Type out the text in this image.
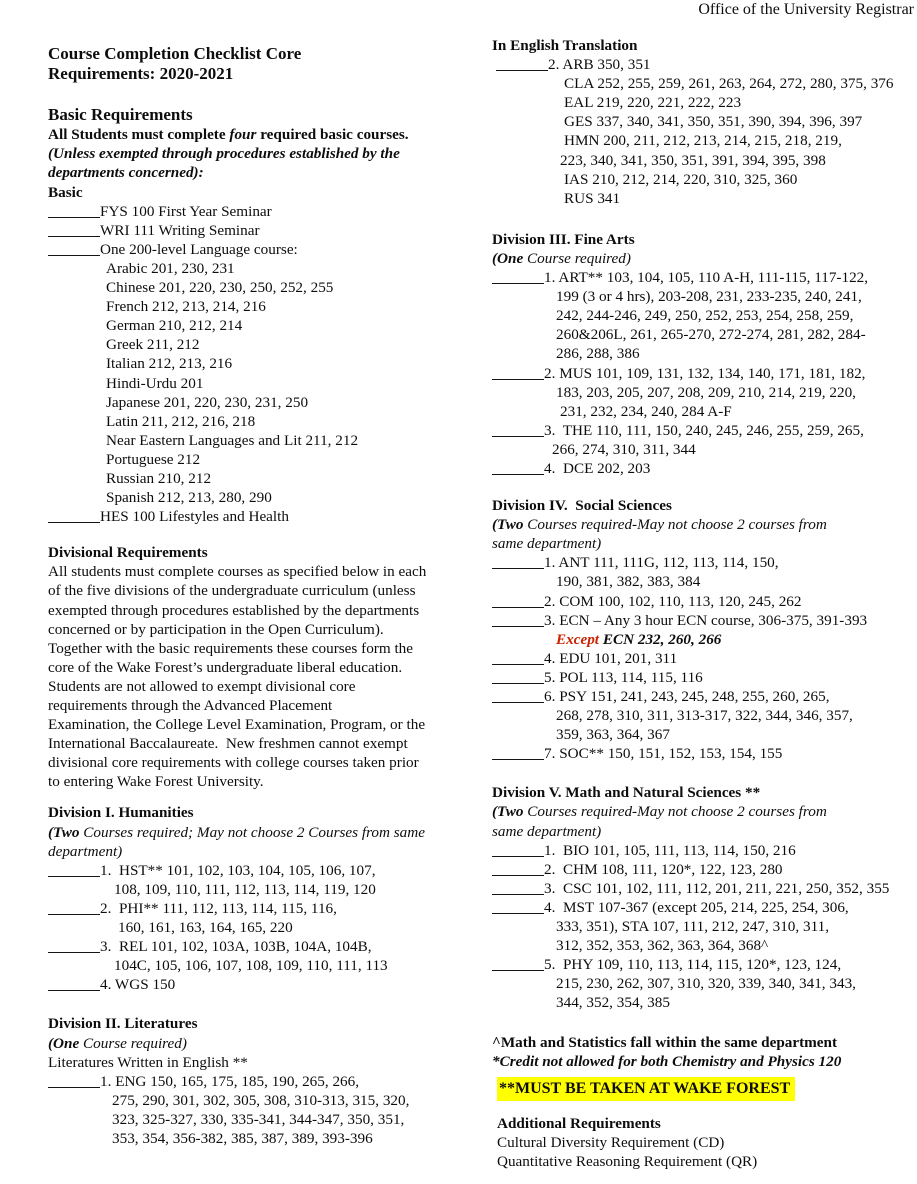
Office of the University Registrar
Course Completion Checklist Core
Requirements: 2020-2021
Basic Requirements
All Students must complete four required basic courses.
(Unless exempted through procedures established by the
departments concerned):
Basic
FYS 100 First Year Seminar
WRI 111 Writing Seminar
One 200-level Language course:
Arabic 201, 230, 231
Chinese 201, 220, 230, 250, 252, 255
French 212, 213, 214, 216
German 210, 212, 214
Greek 211, 212
Italian 212, 213, 216
Hindi-Urdu 201
Japanese 201, 220, 230, 231, 250
Latin 211, 212, 216, 218
Near Eastern Languages and Lit 211, 212
Portuguese 212
Russian 210, 212
Spanish 212, 213, 280, 290
HES 100 Lifestyles and Health
Divisional Requirements
All students must complete courses as specified below in each
of the five divisions of the undergraduate curriculum (unless
exempted through procedures established by the departments
concerned or by participation in the Open Curriculum).
Together with the basic requirements these courses form the
core of the Wake Forest’s undergraduate liberal education.
Students are not allowed to exempt divisional core
requirements through the Advanced Placement
Examination, the College Level Examination, Program, or the
International Baccalaureate.  New freshmen cannot exempt
divisional core requirements with college courses taken prior
to entering Wake Forest University.
Division I. Humanities
(Two Courses required; May not choose 2 Courses from same
department)
1.  HST** 101, 102, 103, 104, 105, 106, 107,
108, 109, 110, 111, 112, 113, 114, 119, 120
2.  PHI** 111, 112, 113, 114, 115, 116,
160, 161, 163, 164, 165, 220
3.  REL 101, 102, 103A, 103B, 104A, 104B,
104C, 105, 106, 107, 108, 109, 110, 111, 113
4. WGS 150
Division II. Literatures
(One Course required)
Literatures Written in English **
1. ENG 150, 165, 175, 185, 190, 265, 266,
275, 290, 301, 302, 305, 308, 310-313, 315, 320,
323, 325-327, 330, 335-341, 344-347, 350, 351,
353, 354, 356-382, 385, 387, 389, 393-396
In English Translation
2. ARB 350, 351
CLA 252, 255, 259, 261, 263, 264, 272, 280, 375, 376
EAL 219, 220, 221, 222, 223
GES 337, 340, 341, 350, 351, 390, 394, 396, 397
HMN 200, 211, 212, 213, 214, 215, 218, 219,
223, 340, 341, 350, 351, 391, 394, 395, 398
IAS 210, 212, 214, 220, 310, 325, 360
RUS 341
Division III. Fine Arts
(One Course required)
1. ART** 103, 104, 105, 110 A-H, 111-115, 117-122,
199 (3 or 4 hrs), 203-208, 231, 233-235, 240, 241,
242, 244-246, 249, 250, 252, 253, 254, 258, 259,
260&206L, 261, 265-270, 272-274, 281, 282, 284-
286, 288, 386
2. MUS 101, 109, 131, 132, 134, 140, 171, 181, 182,
183, 203, 205, 207, 208, 209, 210, 214, 219, 220,
231, 232, 234, 240, 284 A-F
3.  THE 110, 111, 150, 240, 245, 246, 255, 259, 265,
266, 274, 310, 311, 344
4.  DCE 202, 203
Division IV.  Social Sciences
(Two Courses required-May not choose 2 courses from
same department)
1. ANT 111, 111G, 112, 113, 114, 150,
190, 381, 382, 383, 384
2. COM 100, 102, 110, 113, 120, 245, 262
3. ECN – Any 3 hour ECN course, 306-375, 391-393
Except ECN 232, 260, 266
4. EDU 101, 201, 311
5. POL 113, 114, 115, 116
6. PSY 151, 241, 243, 245, 248, 255, 260, 265,
268, 278, 310, 311, 313-317, 322, 344, 346, 357,
359, 363, 364, 367
7. SOC** 150, 151, 152, 153, 154, 155
Division V. Math and Natural Sciences **
(Two Courses required-May not choose 2 courses from
same department)
1.  BIO 101, 105, 111, 113, 114, 150, 216
2.  CHM 108, 111, 120*, 122, 123, 280
3.  CSC 101, 102, 111, 112, 201, 211, 221, 250, 352, 355
4.  MST 107-367 (except 205, 214, 225, 254, 306,
333, 351), STA 107, 111, 212, 247, 310, 311,
312, 352, 353, 362, 363, 364, 368^
5.  PHY 109, 110, 113, 114, 115, 120*, 123, 124,
215, 230, 262, 307, 310, 320, 339, 340, 341, 343,
344, 352, 354, 385
^Math and Statistics fall within the same department
*Credit not allowed for both Chemistry and Physics 120
**MUST BE TAKEN AT WAKE FOREST
Additional Requirements
Cultural Diversity Requirement (CD)
Quantitative Reasoning Requirement (QR)
